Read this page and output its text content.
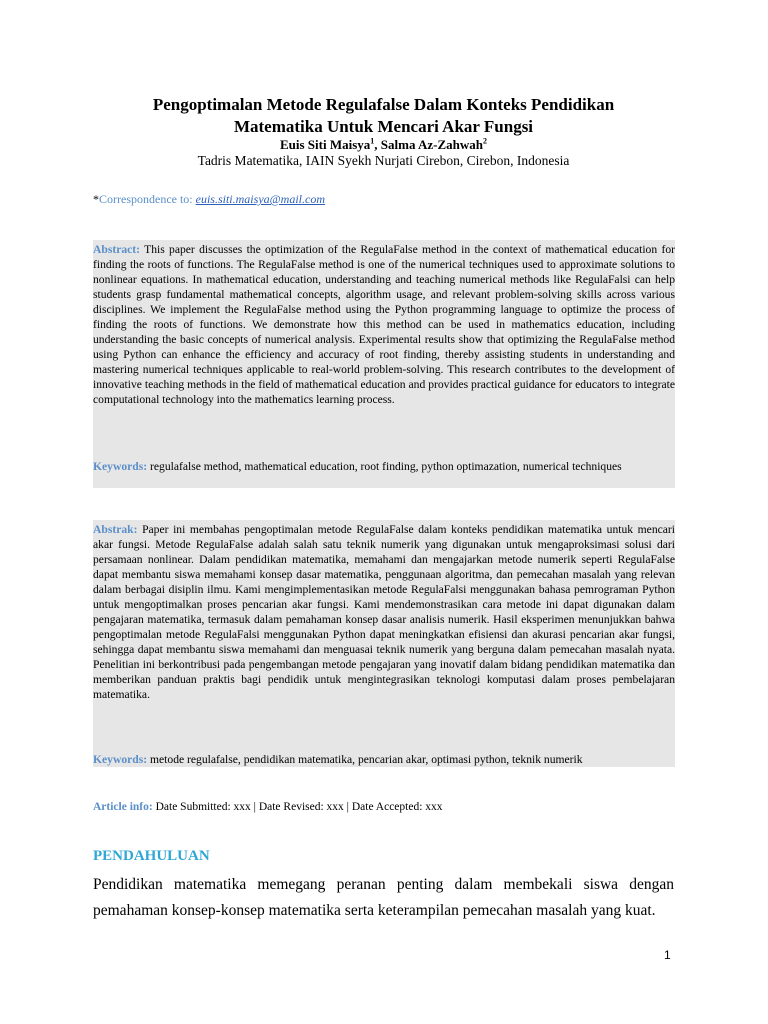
Pengoptimalan Metode Regulafalse Dalam Konteks Pendidikan
Matematika Untuk Mencari Akar Fungsi
Euis Siti Maisya$^1$, Salma Az-Zahwah$^2$
Tadris Matematika, IAIN Syekh Nurjati Cirebon, Cirebon, Indonesia
*Correspondence to: euis.siti.maisya@mail.com

Abstract: This paper discusses the optimization of the RegulaFalse method in the context of mathematical education for finding the roots of functions. The RegulaFalse method is one of the numerical techniques used to approximate solutions to nonlinear equations. In mathematical education, understanding and teaching numerical methods like RegulaFalsi can help students grasp fundamental mathematical concepts, algorithm usage, and relevant problem-solving skills across various disciplines. We implement the RegulaFalse method using the Python programming language to optimize the process of finding the roots of functions. We demonstrate how this method can be used in mathematics education, including understanding the basic concepts of numerical analysis. Experimental results show that optimizing the RegulaFalse method using Python can enhance the efficiency and accuracy of root finding, thereby assisting students in understanding and mastering numerical techniques applicable to real-world problem-solving. This research contributes to the development of innovative teaching methods in the field of mathematical education and provides practical guidance for educators to integrate computational technology into the mathematics learning process.

Keywords: regulafalse method, mathematical education, root finding, python optimazation, numerical techniques

Abstrak: Paper ini membahas pengoptimalan metode RegulaFalse dalam konteks pendidikan matematika untuk mencari akar fungsi. Metode RegulaFalse adalah salah satu teknik numerik yang digunakan untuk mengaproksimasi solusi dari persamaan nonlinear. Dalam pendidikan matematika, memahami dan mengajarkan metode numerik seperti RegulaFalse dapat membantu siswa memahami konsep dasar matematika, penggunaan algoritma, dan pemecahan masalah yang relevan dalam berbagai disiplin ilmu. Kami mengimplementasikan metode RegulaFalsi menggunakan bahasa pemrograman Python untuk mengoptimalkan proses pencarian akar fungsi. Kami mendemonstrasikan cara metode ini dapat digunakan dalam pengajaran matematika, termasuk dalam pemahaman konsep dasar analisis numerik. Hasil eksperimen menunjukkan bahwa pengoptimalan metode RegulaFalsi menggunakan Python dapat meningkatkan efisiensi dan akurasi pencarian akar fungsi, sehingga dapat membantu siswa memahami dan menguasai teknik numerik yang berguna dalam pemecahan masalah nyata. Penelitian ini berkontribusi pada pengembangan metode pengajaran yang inovatif dalam bidang pendidikan matematika dan memberikan panduan praktis bagi pendidik untuk mengintegrasikan teknologi komputasi dalam proses pembelajaran matematika.

Keywords: metode regulafalse, pendidikan matematika, pencarian akar, optimasi python, teknik numerik

Article info: Date Submitted: xxx | Date Revised: xxx | Date Accepted: xxx
PENDAHULUAN

Pendidikan matematika memegang peranan penting dalam membekali siswa dengan pemahaman konsep-konsep matematika serta keterampilan pemecahan masalah yang kuat.

1
